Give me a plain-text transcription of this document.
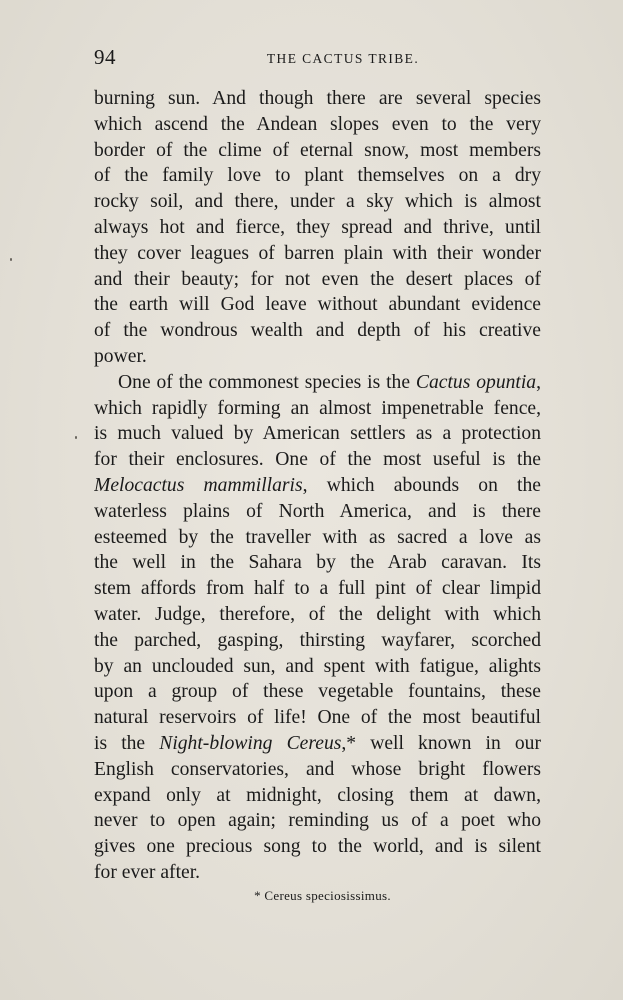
94	THE CACTUS TRIBE.
burning sun. And though there are several species
which ascend the Andean slopes even to the very
border of the clime of eternal snow, most members
of the family love to plant themselves on a dry
rocky soil, and there, under a sky which is almost
always hot and fierce, they spread and thrive, until
they cover leagues of barren plain with their wonder
and their beauty; for not even the desert places of
the earth will God leave without abundant evidence
of the wondrous wealth and depth of his creative
power.
One of the commonest species is the Cactus opuntia,
which rapidly forming an almost impenetrable fence,
is much valued by American settlers as a protection
for their enclosures. One of the most useful is the
Melocactus mammillaris, which abounds on the
waterless plains of North America, and is there
esteemed by the traveller with as sacred a love as
the well in the Sahara by the Arab caravan. Its
stem affords from half to a full pint of clear limpid
water. Judge, therefore, of the delight with which
the parched, gasping, thirsting wayfarer, scorched
by an unclouded sun, and spent with fatigue, alights
upon a group of these vegetable fountains, these
natural reservoirs of life! One of the most beautiful
is the Night-blowing Cereus,* well known in our
English conservatories, and whose bright flowers
expand only at midnight, closing them at dawn,
never to open again; reminding us of a poet who
gives one precious song to the world, and is silent
for ever after.
* Cereus speciosissimus.
